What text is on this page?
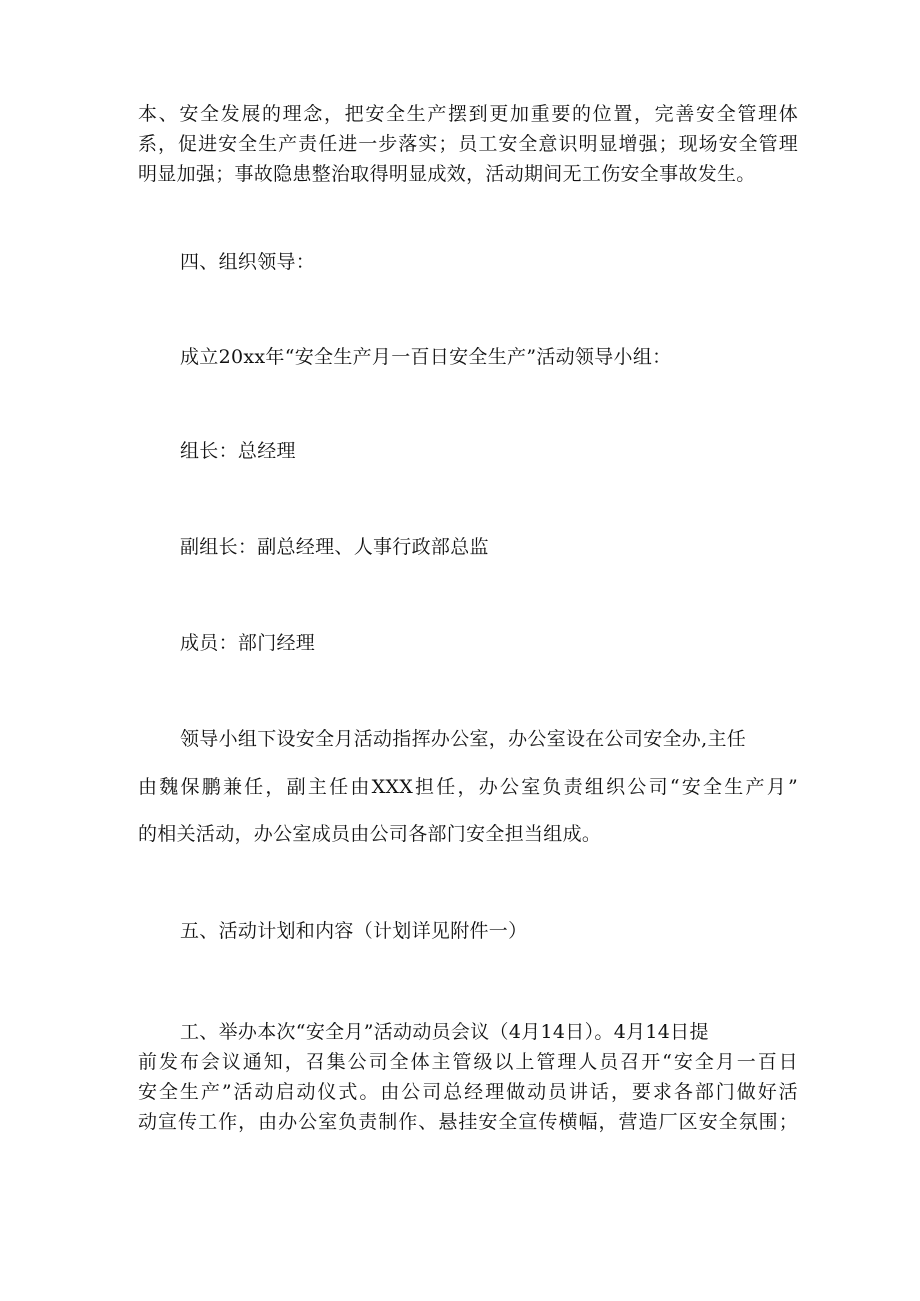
本、安全发展的理念，把安全生产摆到更加重要的位置，完善安全管理体
系，促进安全生产责任进一步落实；员工安全意识明显增强；现场安全管理
明显加强；事故隐患整治取得明显成效，活动期间无工伤安全事故发生。
四、组织领导：
成立20xx年“安全生产月一百日安全生产”活动领导小组：
组长：总经理
副组长：副总经理、人事行政部总监
成员：部门经理
领导小组下设安全月活动指挥办公室，办公室设在公司安全办,主任
由魏保鹏兼任，副主任由XXX担任，办公室负责组织公司“安全生产月”
的相关活动，办公室成员由公司各部门安全担当组成。
五、活动计划和内容（计划详见附件一）
工、举办本次“安全月”活动动员会议（4月14日）。4月14日提
前发布会议通知，召集公司全体主管级以上管理人员召开“安全月一百日
安全生产”活动启动仪式。由公司总经理做动员讲话，要求各部门做好活
动宣传工作，由办公室负责制作、悬挂安全宣传横幅，营造厂区安全氛围；
